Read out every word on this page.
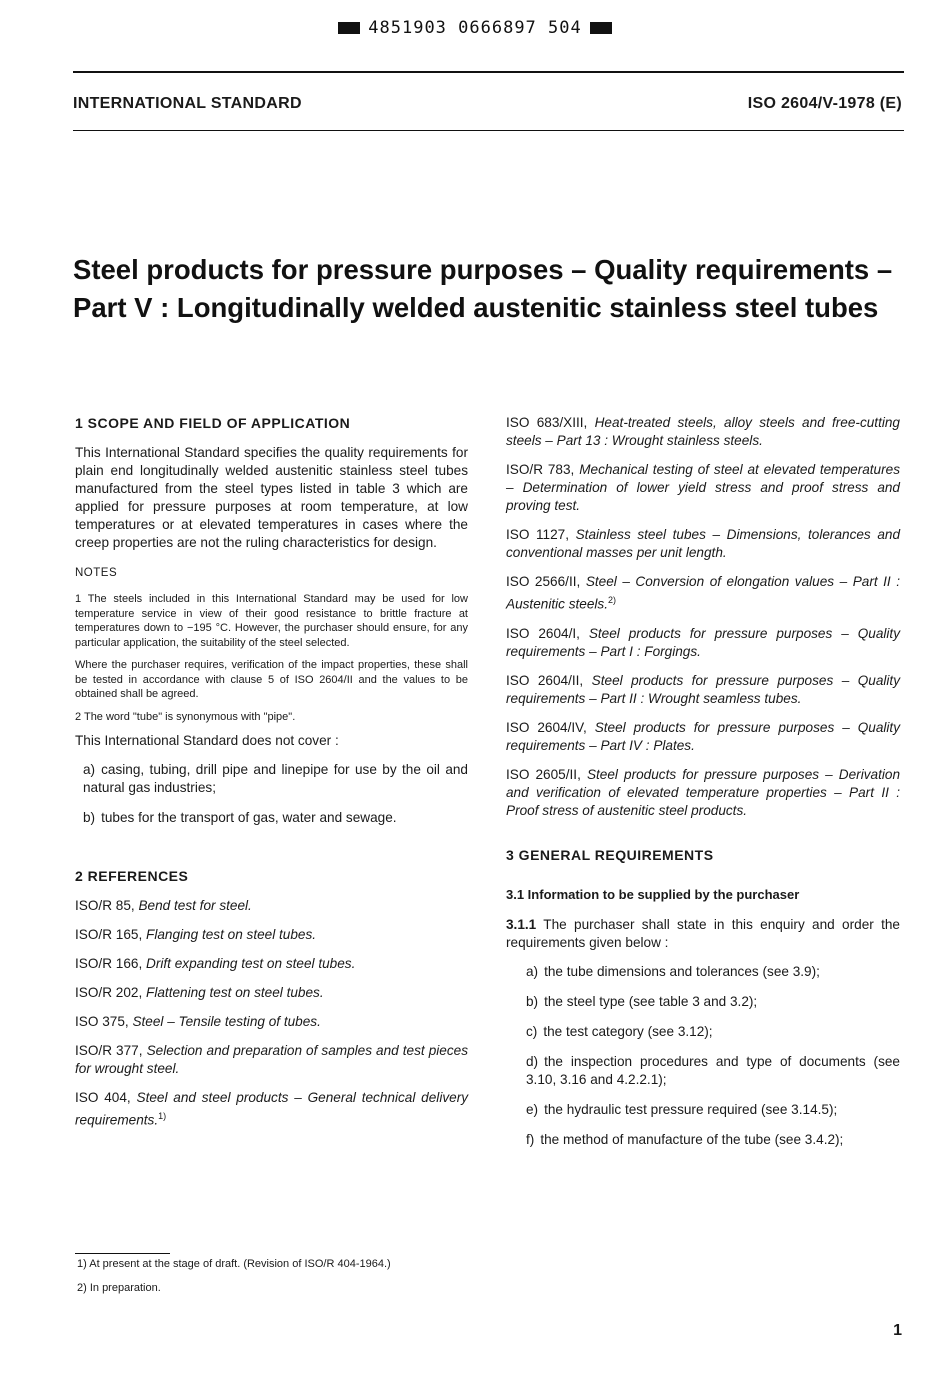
4851903 0666897 504
INTERNATIONAL STANDARD	ISO 2604/V-1978 (E)
Steel products for pressure purposes – Quality requirements –
Part V : Longitudinally welded austenitic stainless steel tubes
1 SCOPE AND FIELD OF APPLICATION

This International Standard specifies the quality requirements for plain end longitudinally welded austenitic stainless steel tubes manufactured from the steel types listed in table 3 which are applied for pressure purposes at room temperature, at low temperatures or at elevated temperatures in cases where the creep properties are not the ruling characteristics for design.

NOTES
1 The steels included in this International Standard may be used for low temperature service in view of their good resistance to brittle fracture at temperatures down to −195 °C. However, the purchaser should ensure, for any particular application, the suitability of the steel selected.
Where the purchaser requires, verification of the impact properties, these shall be tested in accordance with clause 5 of ISO 2604/II and the values to be obtained shall be agreed.
2 The word "tube" is synonymous with "pipe".

This International Standard does not cover :

a) casing, tubing, drill pipe and linepipe for use by the oil and natural gas industries;
b) tubes for the transport of gas, water and sewage.
2 REFERENCES
ISO/R 85, Bend test for steel.
ISO/R 165, Flanging test on steel tubes.
ISO/R 166, Drift expanding test on steel tubes.
ISO/R 202, Flattening test on steel tubes.
ISO 375, Steel – Tensile testing of tubes.
ISO/R 377, Selection and preparation of samples and test pieces for wrought steel.
ISO 404, Steel and steel products – General technical delivery requirements.$^{1)}$
ISO 683/XIII, Heat-treated steels, alloy steels and free-cutting steels – Part 13 : Wrought stainless steels.
ISO/R 783, Mechanical testing of steel at elevated temperatures – Determination of lower yield stress and proof stress and proving test.
ISO 1127, Stainless steel tubes – Dimensions, tolerances and conventional masses per unit length.
ISO 2566/II, Steel – Conversion of elongation values – Part II : Austenitic steels.$^{2)}$
ISO 2604/I, Steel products for pressure purposes – Quality requirements – Part I : Forgings.
ISO 2604/II, Steel products for pressure purposes – Quality requirements – Part II : Wrought seamless tubes.
ISO 2604/IV, Steel products for pressure purposes – Quality requirements – Part IV : Plates.
ISO 2605/II, Steel products for pressure purposes – Derivation and verification of elevated temperature properties – Part II : Proof stress of austenitic steel products.
3 GENERAL REQUIREMENTS
3.1 Information to be supplied by the purchaser

3.1.1 The purchaser shall state in this enquiry and order the requirements given below :

a) the tube dimensions and tolerances (see 3.9);
b) the steel type (see table 3 and 3.2);
c) the test category (see 3.12);
d) the inspection procedures and type of documents (see 3.10, 3.16 and 4.2.2.1);
e) the hydraulic test pressure required (see 3.14.5);
f) the method of manufacture of the tube (see 3.4.2);
1) At present at the stage of draft. (Revision of ISO/R 404-1964.)
2) In preparation.
1
